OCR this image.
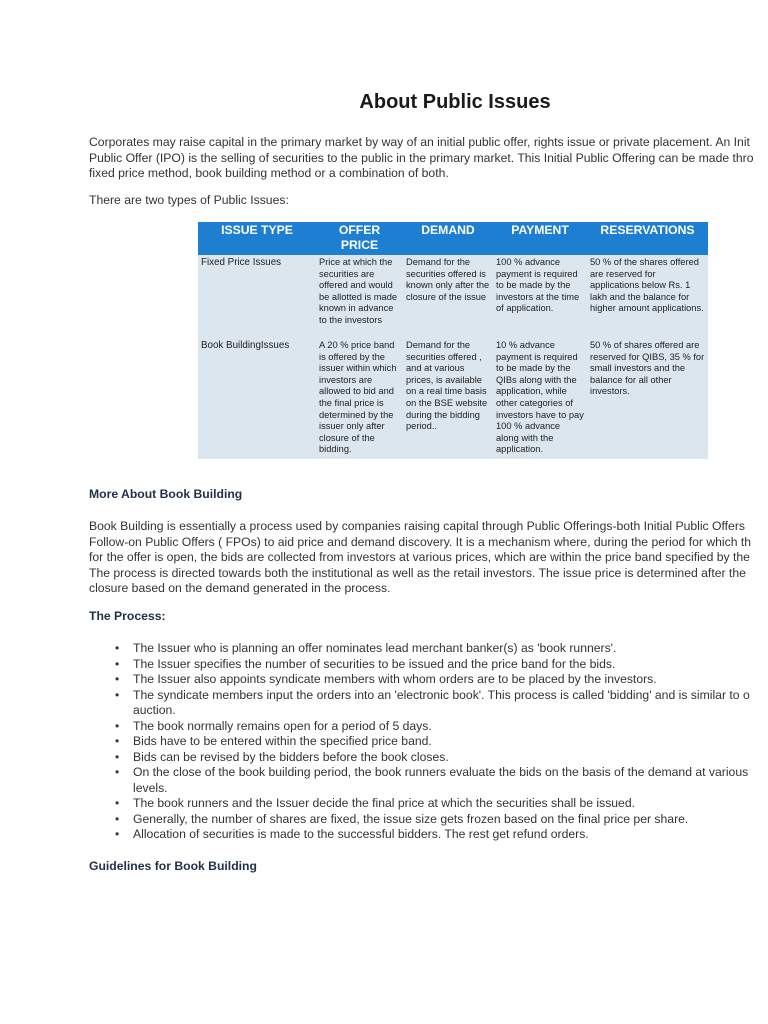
About Public Issues

Corporates may raise capital in the primary market by way of an initial public offer, rights issue or private placement. An Init
Public Offer (IPO) is the selling of securities to the public in the primary market. This Initial Public Offering can be made thro
fixed price method, book building method or a combination of both.

There are two types of Public Issues:

ISSUE TYPE	OFFER PRICE	DEMAND	PAYMENT	RESERVATIONS
Fixed Price Issues	Price at which the securities are offered and would be allotted is made known in advance to the investors	Demand for the securities offered is known only after the closure of the issue	100 % advance payment is required to be made by the investors at the time of application.	50 % of the shares offered are reserved for applications below Rs. 1 lakh and the balance for higher amount applications.
Book BuildingIssues	A 20 % price band is offered by the issuer within which investors are allowed to bid and the final price is determined by the issuer only after closure of the bidding.	Demand for the securities offered , and at various prices, is available on a real time basis on the BSE website during the bidding period..	10 % advance payment is required to be made by the QIBs along with the application, while other categories of investors have to pay 100 % advance along with the application.	50 % of shares offered are reserved for QIBS, 35 % for small investors and the balance for all other investors.
More About Book Building

Book Building is essentially a process used by companies raising capital through Public Offerings-both Initial Public Offers
Follow-on Public Offers ( FPOs) to aid price and demand discovery. It is a mechanism where, during the period for which th
for the offer is open, the bids are collected from investors at various prices, which are within the price band specified by the
The process is directed towards both the institutional as well as the retail investors. The issue price is determined after the
closure based on the demand generated in the process.

The Process:
• The Issuer who is planning an offer nominates lead merchant banker(s) as 'book runners'.
• The Issuer specifies the number of securities to be issued and the price band for the bids.
• The Issuer also appoints syndicate members with whom orders are to be placed by the investors.
• The syndicate members input the orders into an 'electronic book'. This process is called 'bidding' and is similar to o
auction.
• The book normally remains open for a period of 5 days.
• Bids have to be entered within the specified price band.
• Bids can be revised by the bidders before the book closes.
• On the close of the book building period, the book runners evaluate the bids on the basis of the demand at various
levels.
• The book runners and the Issuer decide the final price at which the securities shall be issued.
• Generally, the number of shares are fixed, the issue size gets frozen based on the final price per share.
• Allocation of securities is made to the successful bidders. The rest get refund orders.
Guidelines for Book Building
